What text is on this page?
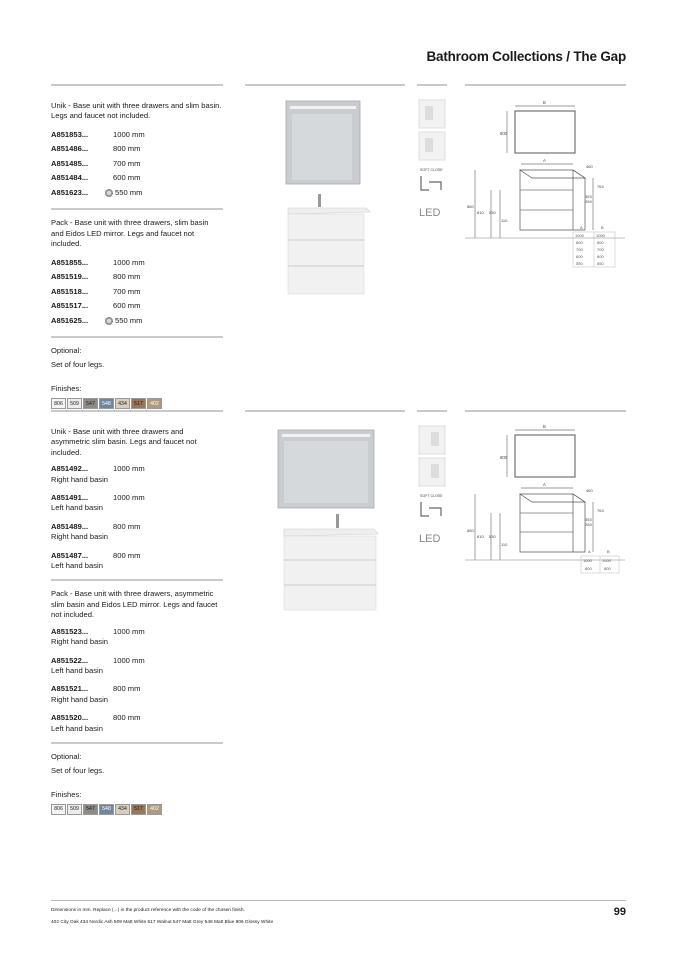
Bathroom Collections / The Gap

Unik - Base unit with three drawers and slim basin. Legs and faucet not included.

A851853...	1000 mm
A851486...	800 mm
A851485...	700 mm
A851484...	600 mm
A851623...	550 mm

Pack - Base unit with three drawers, slim basin and Eidos LED mirror. Legs and faucet not included.

A851855...	1000 mm
A851519...	800 mm
A851518...	700 mm
A851517...	600 mm
A851625...	550 mm
Optional:
Set of four legs.
Finishes:
806	509	547	548	434	517	402
SOFT CLOSE
LED
B
600
A
460
763
353
269
860
610 530
110
A	B
1000	1000
800	800
700	700
600	600
550	550

Unik - Base unit with three drawers and asymmetric slim basin. Legs and faucet not included.

A851492...	1000 mm
Right hand basin
A851491...	1000 mm
Left hand basin
A851489...	800 mm
Right hand basin
A851487...	800 mm
Left hand basin

Pack - Base unit with three drawers, asymmetric slim basin and Eidos LED mirror. Legs and faucet not included.

A851523...	1000 mm
Right hand basin
A851522...	1000 mm
Left hand basin
A851521...	800 mm
Right hand basin
A851520...	800 mm
Left hand basin
Optional:
Set of four legs.
Finishes:
806	509	547	548	434	517	402
SOFT CLOSE
LED
B
600
A
460
763
353
269
860
610 530
110
A	B
1000	1000
800	800
Dimensions in mm. Replace (...) in the product reference with the code of the chosen finish.
402 City Oak 434 Nordic Ash 509 Matt White 517 Walnut 547 Matt Grey 548 Matt Blue 806 Glossy White
99
